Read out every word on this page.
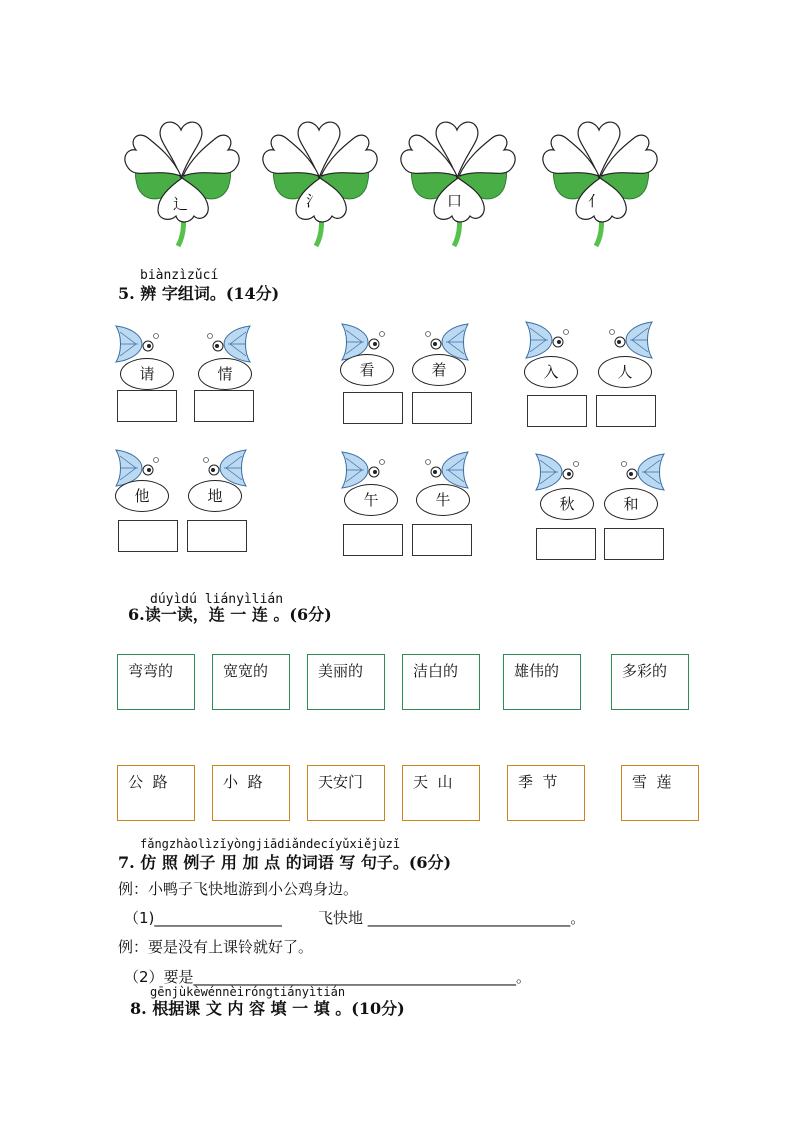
辶	氵	口	亻
biànzìzǔcí
5. 辨 字组词。(14分)
请	情	看	着	入	人
他	地	午	牛	秋	和
dúyìdú liányìlián
6.读一读，连 一 连 。(6分)
弯弯的	宽宽的	美丽的	洁白的	雄伟的	多彩的
公  路	小  路	天安门	天  山	季  节	雪  莲
fǎngzhàolìzǐyòngjiādiǎndecíyǔxiějùzǐ
7. 仿 照 例子 用 加 点 的词语 写 句子。(6分)
例：小鸭子飞快地游到小公鸡身边。
（1)_________________ 飞快地 ___________________________。
例：要是没有上课铃就好了。
（2）要是___________________________________________。
gēnjùkèwénnèiróngtiányìtián
8. 根据课 文 内 容 填 一 填 。(10分)
